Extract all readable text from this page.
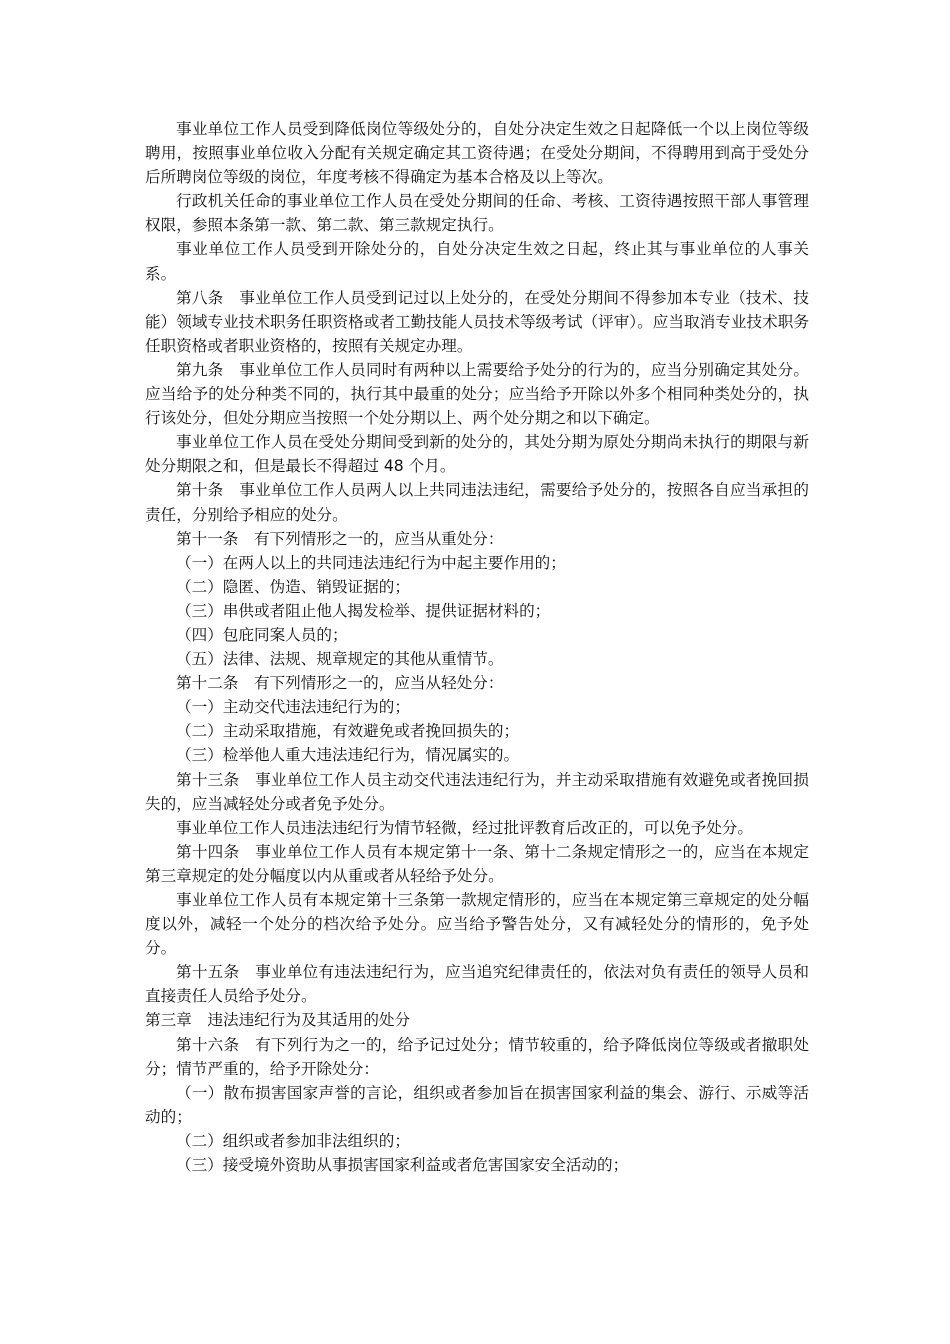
事业单位工作人员受到降低岗位等级处分的，自处分决定生效之日起降低一个以上岗位等级聘用，按照事业单位收入分配有关规定确定其工资待遇；在受处分期间，不得聘用到高于受处分后所聘岗位等级的岗位，年度考核不得确定为基本合格及以上等次。

行政机关任命的事业单位工作人员在受处分期间的任命、考核、工资待遇按照干部人事管理权限，参照本条第一款、第二款、第三款规定执行。

事业单位工作人员受到开除处分的，自处分决定生效之日起，终止其与事业单位的人事关系。

第八条　事业单位工作人员受到记过以上处分的，在受处分期间不得参加本专业（技术、技能）领域专业技术职务任职资格或者工勤技能人员技术等级考试（评审）。应当取消专业技术职务任职资格或者职业资格的，按照有关规定办理。

第九条　事业单位工作人员同时有两种以上需要给予处分的行为的，应当分别确定其处分。应当给予的处分种类不同的，执行其中最重的处分；应当给予开除以外多个相同种类处分的，执行该处分，但处分期应当按照一个处分期以上、两个处分期之和以下确定。

事业单位工作人员在受处分期间受到新的处分的，其处分期为原处分期尚未执行的期限与新处分期限之和，但是最长不得超过 48 个月。

第十条　事业单位工作人员两人以上共同违法违纪，需要给予处分的，按照各自应当承担的责任，分别给予相应的处分。

第十一条　有下列情形之一的，应当从重处分：

（一）在两人以上的共同违法违纪行为中起主要作用的；

（二）隐匿、伪造、销毁证据的；

（三）串供或者阻止他人揭发检举、提供证据材料的；

（四）包庇同案人员的；

（五）法律、法规、规章规定的其他从重情节。

第十二条　有下列情形之一的，应当从轻处分：

（一）主动交代违法违纪行为的；

（二）主动采取措施，有效避免或者挽回损失的；

（三）检举他人重大违法违纪行为，情况属实的。

第十三条　事业单位工作人员主动交代违法违纪行为，并主动采取措施有效避免或者挽回损失的，应当减轻处分或者免予处分。

事业单位工作人员违法违纪行为情节轻微，经过批评教育后改正的，可以免予处分。

第十四条　事业单位工作人员有本规定第十一条、第十二条规定情形之一的，应当在本规定第三章规定的处分幅度以内从重或者从轻给予处分。

事业单位工作人员有本规定第十三条第一款规定情形的，应当在本规定第三章规定的处分幅度以外，减轻一个处分的档次给予处分。应当给予警告处分，又有减轻处分的情形的，免予处分。

第十五条　事业单位有违法违纪行为，应当追究纪律责任的，依法对负有责任的领导人员和直接责任人员给予处分。

第三章　违法违纪行为及其适用的处分

第十六条　有下列行为之一的，给予记过处分；情节较重的，给予降低岗位等级或者撤职处分；情节严重的，给予开除处分：

（一）散布损害国家声誉的言论，组织或者参加旨在损害国家利益的集会、游行、示威等活动的；

（二）组织或者参加非法组织的；

（三）接受境外资助从事损害国家利益或者危害国家安全活动的；
